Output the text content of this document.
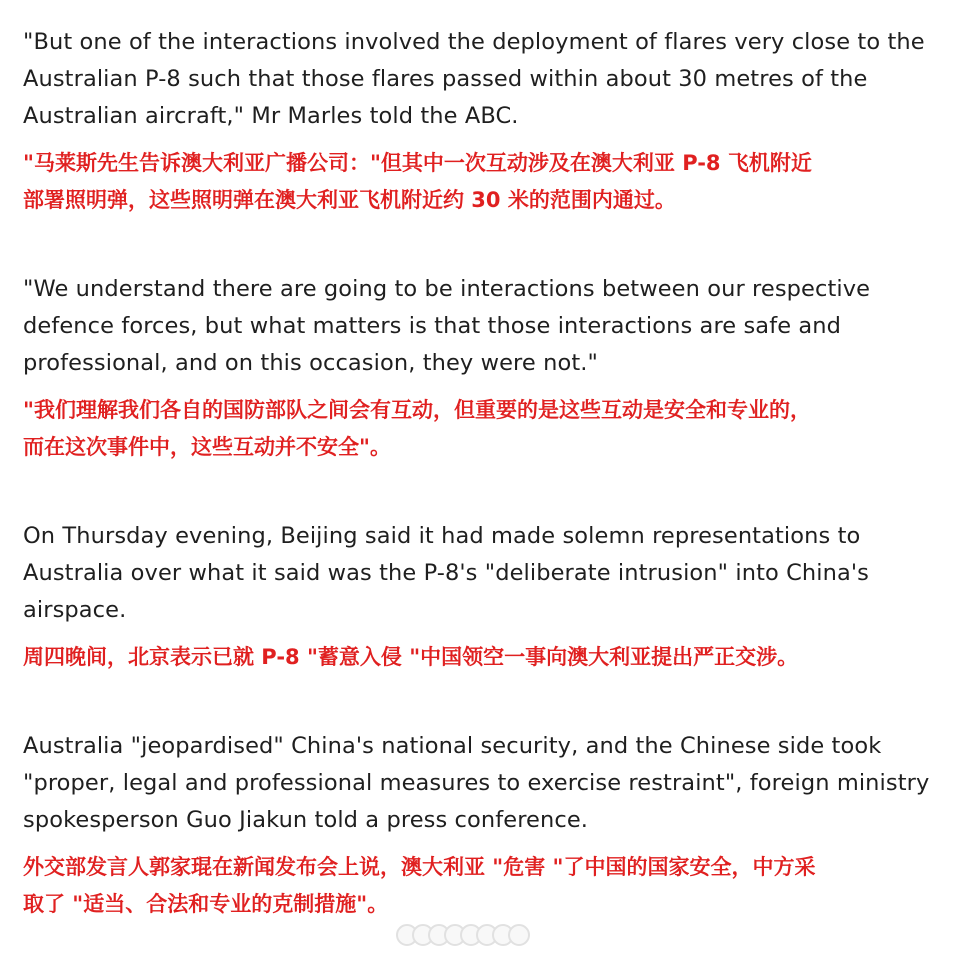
"But one of the interactions involved the deployment of flares very close to the
Australian P-8 such that those flares passed within about 30 metres of the
Australian aircraft," Mr Marles told the ABC.
"马莱斯先生告诉澳大利亚广播公司："但其中一次互动涉及在澳大利亚 P-8 飞机附近
部署照明弹，这些照明弹在澳大利亚飞机附近约 30 米的范围内通过。
"We understand there are going to be interactions between our respective
defence forces, but what matters is that those interactions are safe and
professional, and on this occasion, they were not."
"我们理解我们各自的国防部队之间会有互动，但重要的是这些互动是安全和专业的，
而在这次事件中，这些互动并不安全"。
On Thursday evening, Beijing said it had made solemn representations to
Australia over what it said was the P-8's "deliberate intrusion" into China's
airspace.
周四晚间，北京表示已就 P-8 "蓄意入侵 "中国领空一事向澳大利亚提出严正交涉。
Australia "jeopardised" China's national security, and the Chinese side took
"proper, legal and professional measures to exercise restraint", foreign ministry
spokesperson Guo Jiakun told a press conference.
外交部发言人郭家琨在新闻发布会上说，澳大利亚 "危害 "了中国的国家安全，中方采
取了 "适当、合法和专业的克制措施"。
